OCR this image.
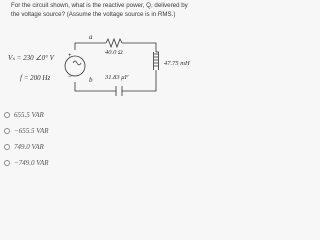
For the circuit shown, what is the reactive power, Q, delivered by the voltage source? (Assume the voltage source is in RMS.)
a
b
+
−
Vₛ = 230 ∠0° V
f = 200 Hz
40.0 Ω
47.75 mH
31.83 μF
655.5 VAR
−655.5 VAR
749.0 VAR
−749.0 VAR
